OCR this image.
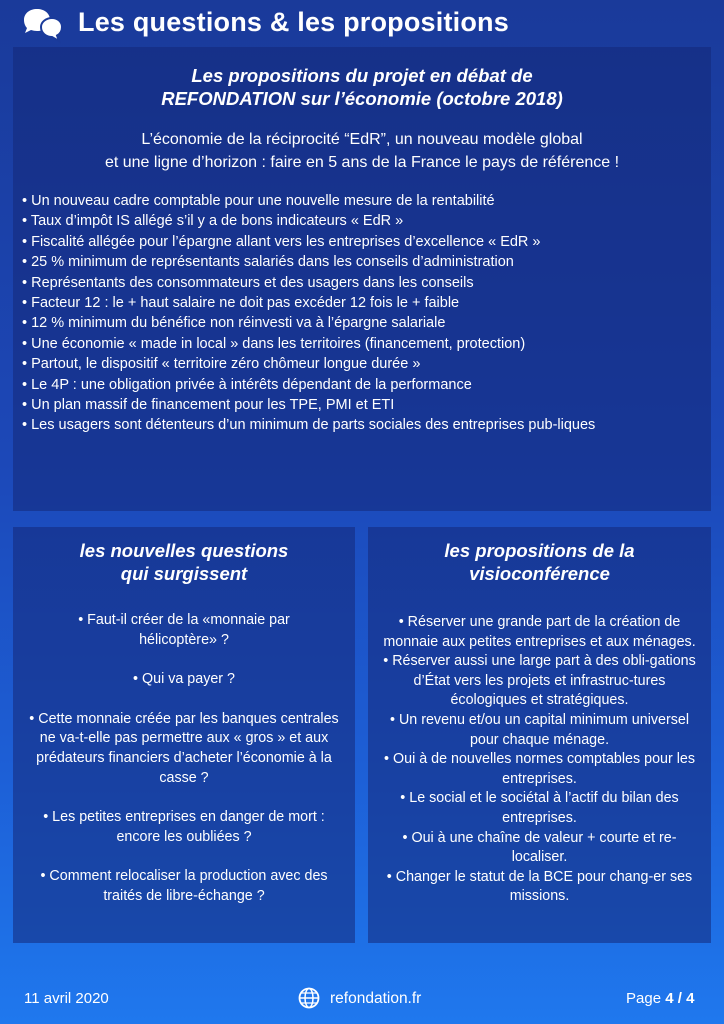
Les questions & les propositions
Les propositions du projet en débat de
REFONDATION sur l’économie (octobre 2018)
L’économie de la réciprocité “EdR”, un nouveau modèle global
et une ligne d’horizon : faire en 5 ans de la France le pays de référence !
• Un nouveau cadre comptable pour une nouvelle mesure de la rentabilité
• Taux d’impôt IS allégé s’il y a de bons indicateurs « EdR »
• Fiscalité allégée pour l’épargne allant vers les entreprises d’excellence « EdR »
• 25 % minimum de représentants salariés dans les conseils d’administration
• Représentants des consommateurs et des usagers dans les conseils
• Facteur 12 : le + haut salaire ne doit pas excéder 12 fois le + faible
• 12 % minimum du bénéfice non réinvesti va à l’épargne salariale
• Une économie « made in local » dans les territoires (financement, protection)
• Partout, le dispositif « territoire zéro chômeur longue durée »
• Le 4P : une obligation privée à intérêts dépendant de la performance
• Un plan massif de financement pour les TPE, PMI et ETI
• Les usagers sont détenteurs d’un minimum de parts sociales des entreprises pub-liques
les nouvelles questions
qui surgissent
• Faut-il créer de la «monnaie par hélicoptère» ?
• Qui va payer ?
• Cette monnaie créée par les banques centrales ne va-t-elle pas permettre aux « gros » et aux prédateurs financiers d’acheter l’économie à la casse ?
• Les petites entreprises en danger de mort : encore les oubliées ?
• Comment relocaliser la production avec des traités de libre-échange ?
les propositions de la
visioconférence
• Réserver une grande part de la création de monnaie aux petites entreprises et aux ménages.
• Réserver aussi une large part à des obli-gations d’État vers les projets et infrastruc-tures écologiques et stratégiques.
• Un revenu et/ou un capital minimum universel pour chaque ménage.
• Oui à de nouvelles normes comptables pour les entreprises.
• Le social et le sociétal à l’actif du bilan des entreprises.
• Oui à une chaîne de valeur + courte et re-localiser.
• Changer le statut de la BCE pour chang-er ses missions.
11 avril 2020	refondation.fr	Page 4 / 4
